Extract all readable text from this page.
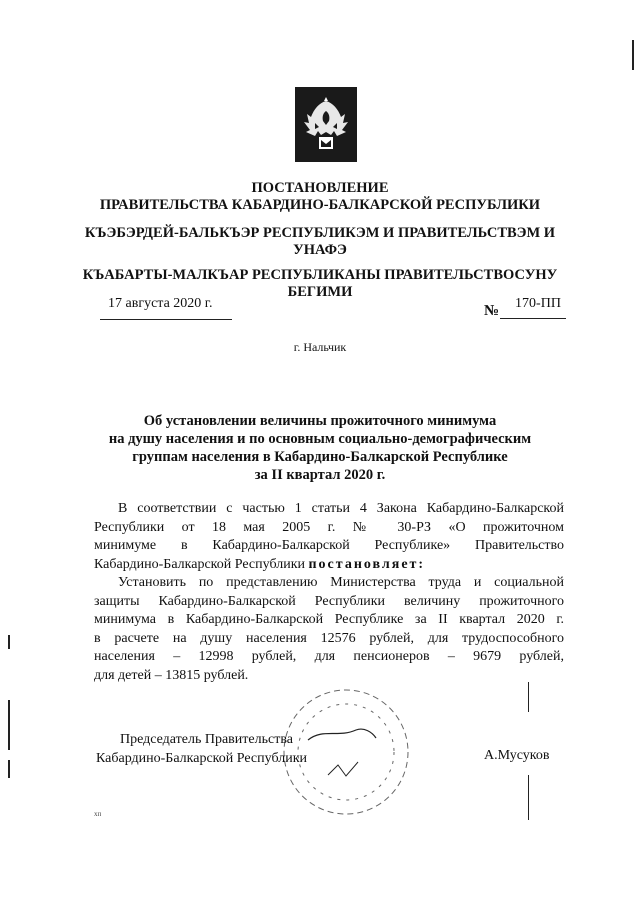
ПОСТАНОВЛЕНИЕ
ПРАВИТЕЛЬСТВА КАБАРДИНО-БАЛКАРСКОЙ РЕСПУБЛИКИ
КЪЭБЭРДЕЙ-БАЛЬКЪЭР РЕСПУБЛИКЭМ И ПРАВИТЕЛЬСТВЭМ И
УНАФЭ
КЪАБАРТЫ-МАЛКЪАР РЕСПУБЛИКАНЫ ПРАВИТЕЛЬСТВОСУНУ
БЕГИМИ
17 августа 2020 г.	№	170-ПП
г. Нальчик
Об установлении величины прожиточного минимума
на душу населения и по основным социально-демографическим
группам населения в Кабардино-Балкарской Республике
за II квартал 2020 г.
В соответствии с частью 1 статьи 4 Закона Кабардино-Балкарской
Республики от 18 мая 2005 г. № 30-РЗ «О прожиточном
минимуме в Кабардино-Балкарской Республике» Правительство
Кабардино-Балкарской Республики постановляет:
Установить по представлению Министерства труда и социальной
защиты Кабардино-Балкарской Республики величину прожиточного
минимума в Кабардино-Балкарской Республике за II квартал 2020 г.
в расчете на душу населения 12576 рублей, для трудоспособного
населения – 12998 рублей, для пенсионеров – 9679 рублей,
для детей – 13815 рублей.
Председатель Правительства
Кабардино-Балкарской Республики	А.Мусуков
хп
